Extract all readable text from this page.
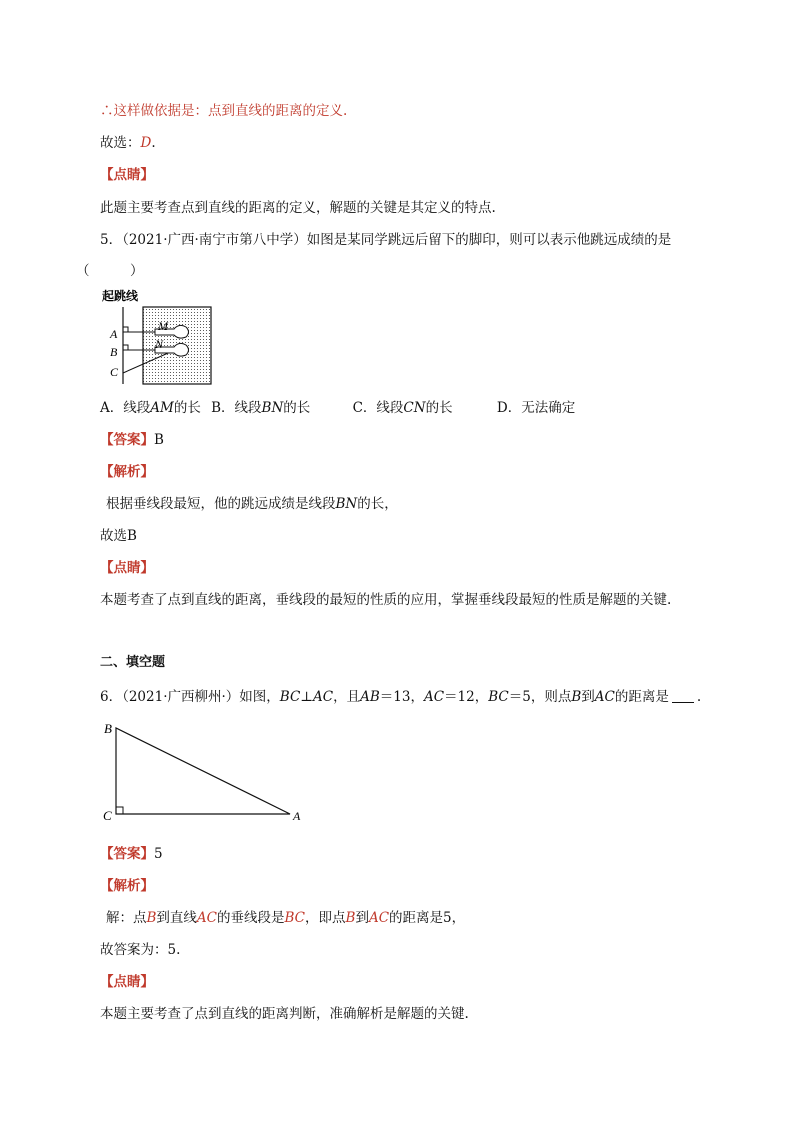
∴这样做依据是：点到直线的距离的定义.
故选：D.
【点睛】
此题主要考查点到直线的距离的定义，解题的关键是其定义的特点.
5．（2021·广西·南宁市第八中学）如图是某同学跳远后留下的脚印，则可以表示他跳远成绩的是
（　　　）
起跳线
A
B
C
M
N
A．线段AM的长 B．线段BN的长	C．线段CN的长	D．无法确定
【答案】B
【解析】
根据垂线段最短，他的跳远成绩是线段BN的长，
故选B
【点睛】
本题考查了点到直线的距离，垂线段的最短的性质的应用，掌握垂线段最短的性质是解题的关键.
二、填空题
6．（2021·广西柳州·）如图，BC⊥AC，且AB＝13，AC＝12，BC＝5，则点B到AC的距离是 .
B
C	A
【答案】5
【解析】
解：点B到直线AC的垂线段是BC，即点B到AC的距离是5，
故答案为：5.
【点睛】
本题主要考查了点到直线的距离判断，准确解析是解题的关键.
